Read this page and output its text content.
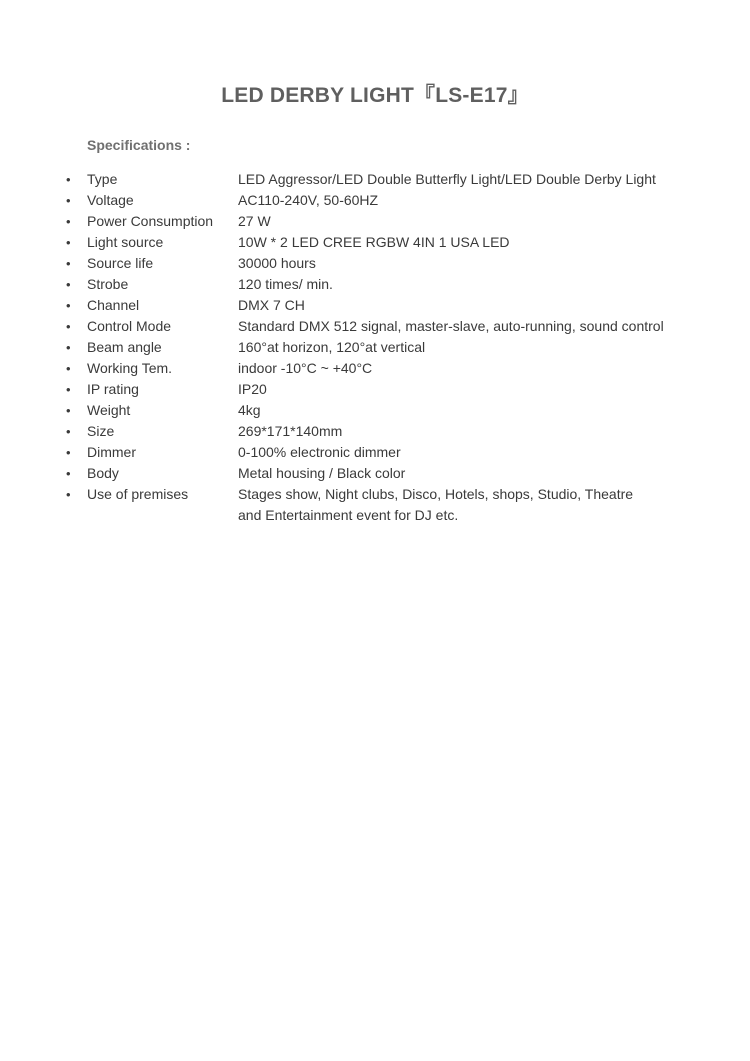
LED DERBY LIGHT『LS-E17』
Specifications :
•	Type	LED Aggressor/LED Double Butterfly Light/LED Double Derby Light
•	Voltage	AC110-240V, 50-60HZ
•	Power Consumption	27 W
•	Light source	10W * 2 LED CREE RGBW 4IN 1 USA LED
•	Source life	30000 hours
•	Strobe	120 times/ min.
•	Channel	DMX 7 CH
•	Control Mode	Standard DMX 512 signal, master-slave, auto-running, sound control
•	Beam angle	160°at horizon, 120°at vertical
•	Working Tem.	indoor -10°C ~ +40°C
•	IP rating	IP20
•	Weight	4kg
•	Size	269*171*140mm
•	Dimmer	0-100% electronic dimmer
•	Body	Metal housing / Black color
•	Use of premises	Stages show, Night clubs, Disco, Hotels, shops, Studio, Theatre
and Entertainment event for DJ etc.
